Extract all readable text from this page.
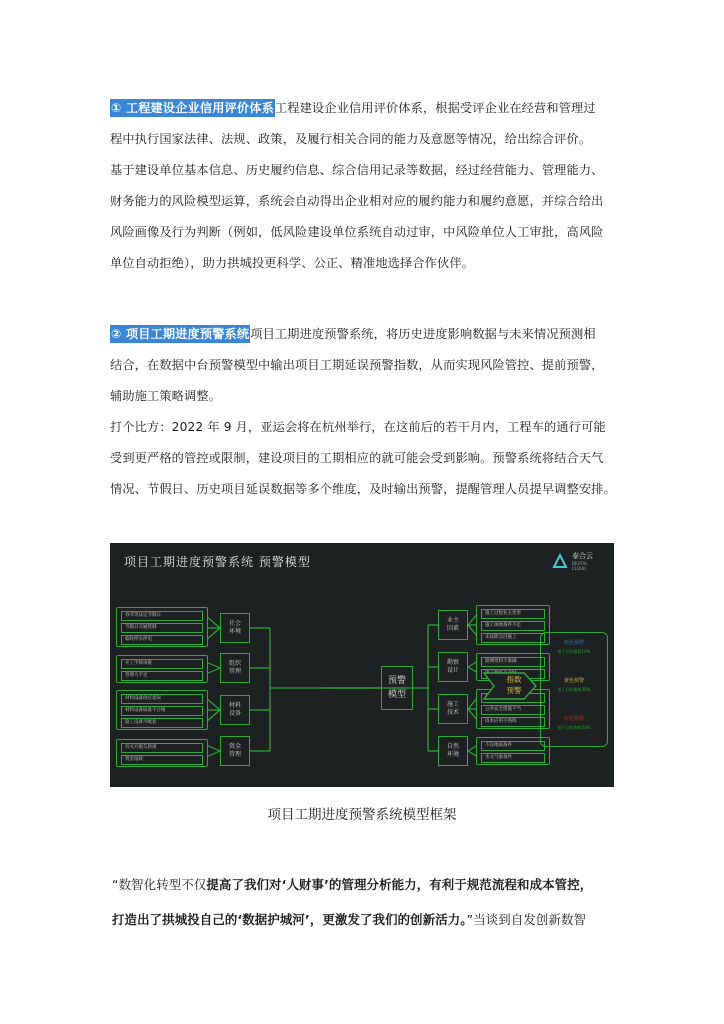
① 工程建设企业信用评价体系工程建设企业信用评价体系，根据受评企业在经营和管理过
程中执行国家法律、法规、政策，及履行相关合同的能力及意愿等情况，给出综合评价。
基于建设单位基本信息、历史履约信息、综合信用记录等数据，经过经营能力、管理能力、
财务能力的风险模型运算，系统会自动得出企业相对应的履约能力和履约意愿，并综合给出
风险画像及行为判断（例如，低风险建设单位系统自动过审，中风险单位人工审批，高风险
单位自动拒绝），助力拱城投更科学、公正、精准地选择合作伙伴。
② 项目工期进度预警系统项目工期进度预警系统，将历史进度影响数据与未来情况预测相
结合，在数据中台预警模型中输出项目工期延误预警指数，从而实现风险管控、提前预警，
辅助施工策略调整。
打个比方：2022 年 9 月，亚运会将在杭州举行，在这前后的若干月内，工程车的通行可能
受到更严格的管控或限制，建设项目的工期相应的就可能会受到影响。预警系统将结合天气
情况、节假日、历史项目延误数据等多个维度，及时输出预警，提醒管理人员提早调整安排。
项目工期进度预警系统 预警模型	泰合云
DIGITAL CLOUD
春节等法定节假日
节假日交通管制
临时停水停电
开工手续审批
管理力不足
材料设备供应延误
材料设备质量不合格
施工设备不配套
有关方拖欠款项
资金短缺
社会
环境
组织
管理
材料
设备
资金
管理
预警
模型
业主
因素
勘察
设计
施工
技术
自然
环境
施工过程业主变更
施工场地条件不足
未按期交付施工
勘测资料不准确
公共安全措施不当
技术应用不熟练
不良地质条件
水文气象条件
指数
预警
蓝色预警
低于目标指数10%
黄色预警
低于目标指数30%
红色预警
低于目标指数50%
项目工期进度预警系统模型框架
“数智化转型不仅提高了我们对‘人财事’的管理分析能力，有利于规范流程和成本管控，
打造出了拱城投自己的‘数据护城河’，更激发了我们的创新活力。”当谈到自发创新数智
